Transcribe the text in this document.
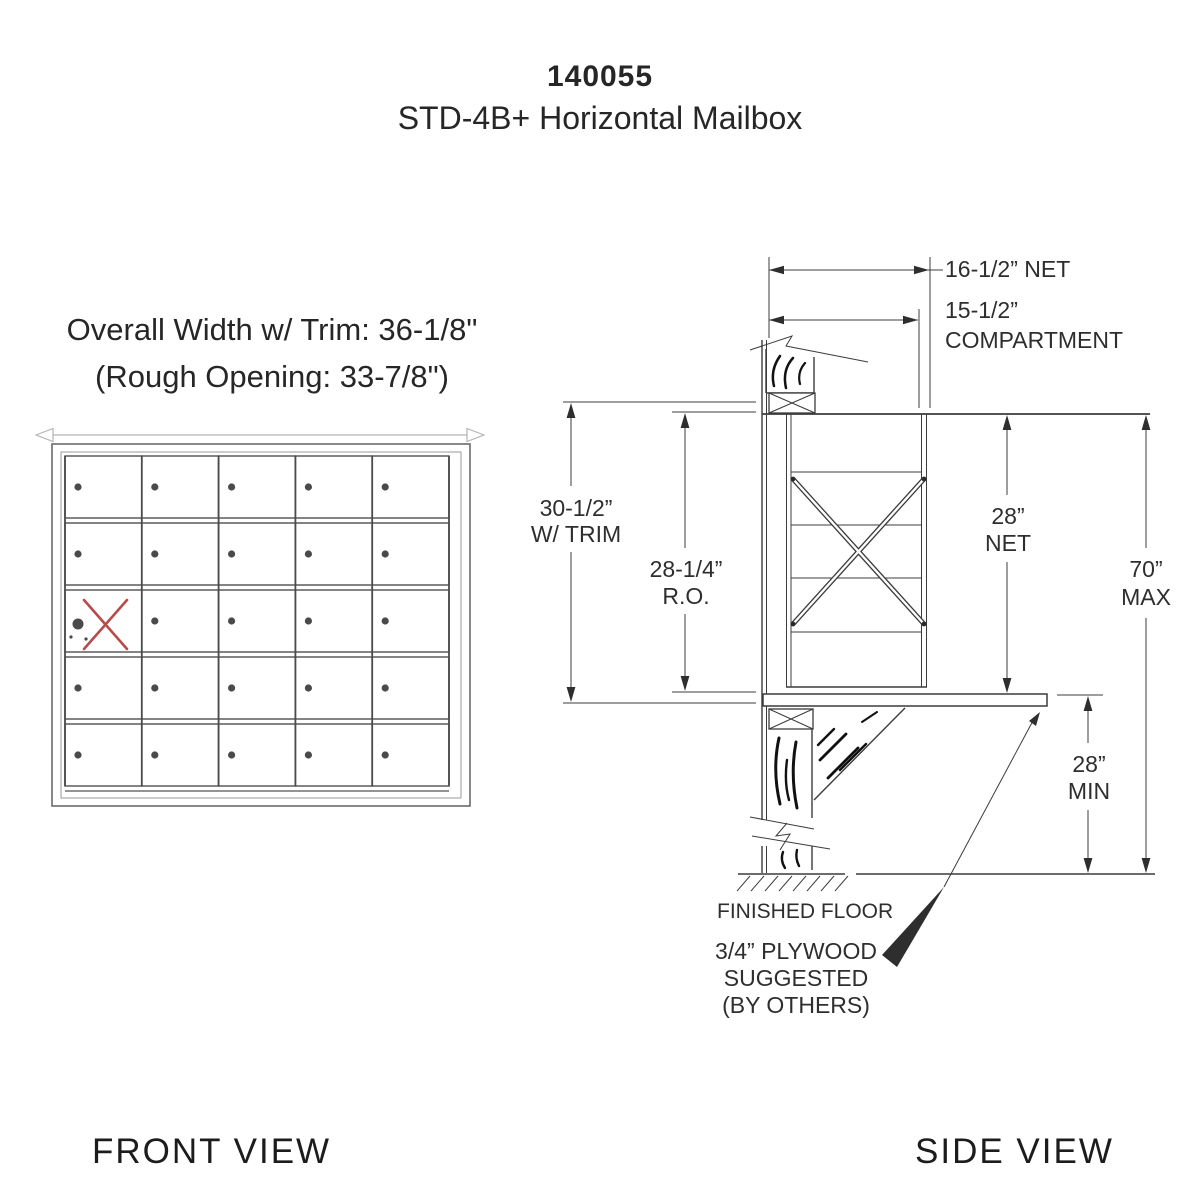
140055
STD-4B+ Horizontal Mailbox
Overall Width w/ Trim: 36-1/8"
(Rough Opening: 33-7/8")
16-1/2” NET
15-1/2”
COMPARTMENT
30-1/2”
W/ TRIM
28-1/4”
R.O.
28”
NET
70”
MAX
28”
MIN
FINISHED FLOOR
3/4” PLYWOOD
SUGGESTED
(BY OTHERS)
FRONT VIEW	SIDE VIEW
